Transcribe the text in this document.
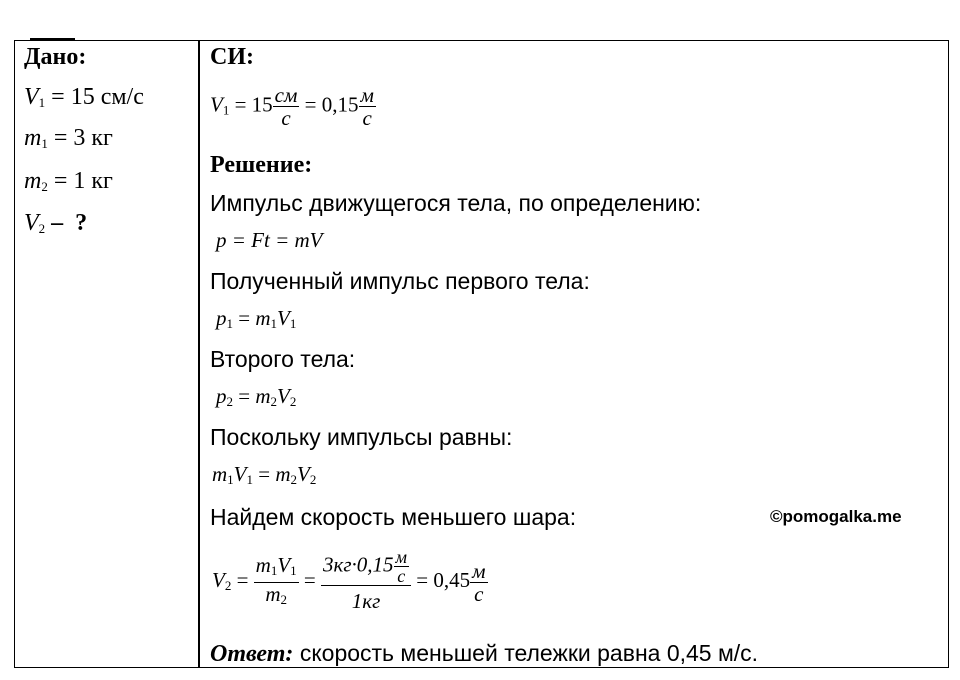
Дано:
$V_1 = 15$ см/с
$m_1 = 3$ кг
$m_2 = 1$ кг
$V_2$ – ?
СИ:
$V_1 = 15 \frac{см}{с} = 0,15 \frac{м}{с}$
Решение:
Импульс движущегося тела, по определению:
p = Ft = mV
Полученный импульс первого тела:
$p_1 = m_1V_1$
Второго тела:
$p_2 = m_2V_2$
Поскольку импульсы равны:
$m_1V_1 = m_2V_2$
Найдем скорость меньшего шара:
$V_2 = \frac{m_1V_1}{m_2} = \frac{3кг\cdot 0,15 \frac{м}{с}}{1кг} = 0,45 \frac{м}{с}$
Ответ: скорость меньшей тележки равна 0,45 м/с.
©pomogalka.me
